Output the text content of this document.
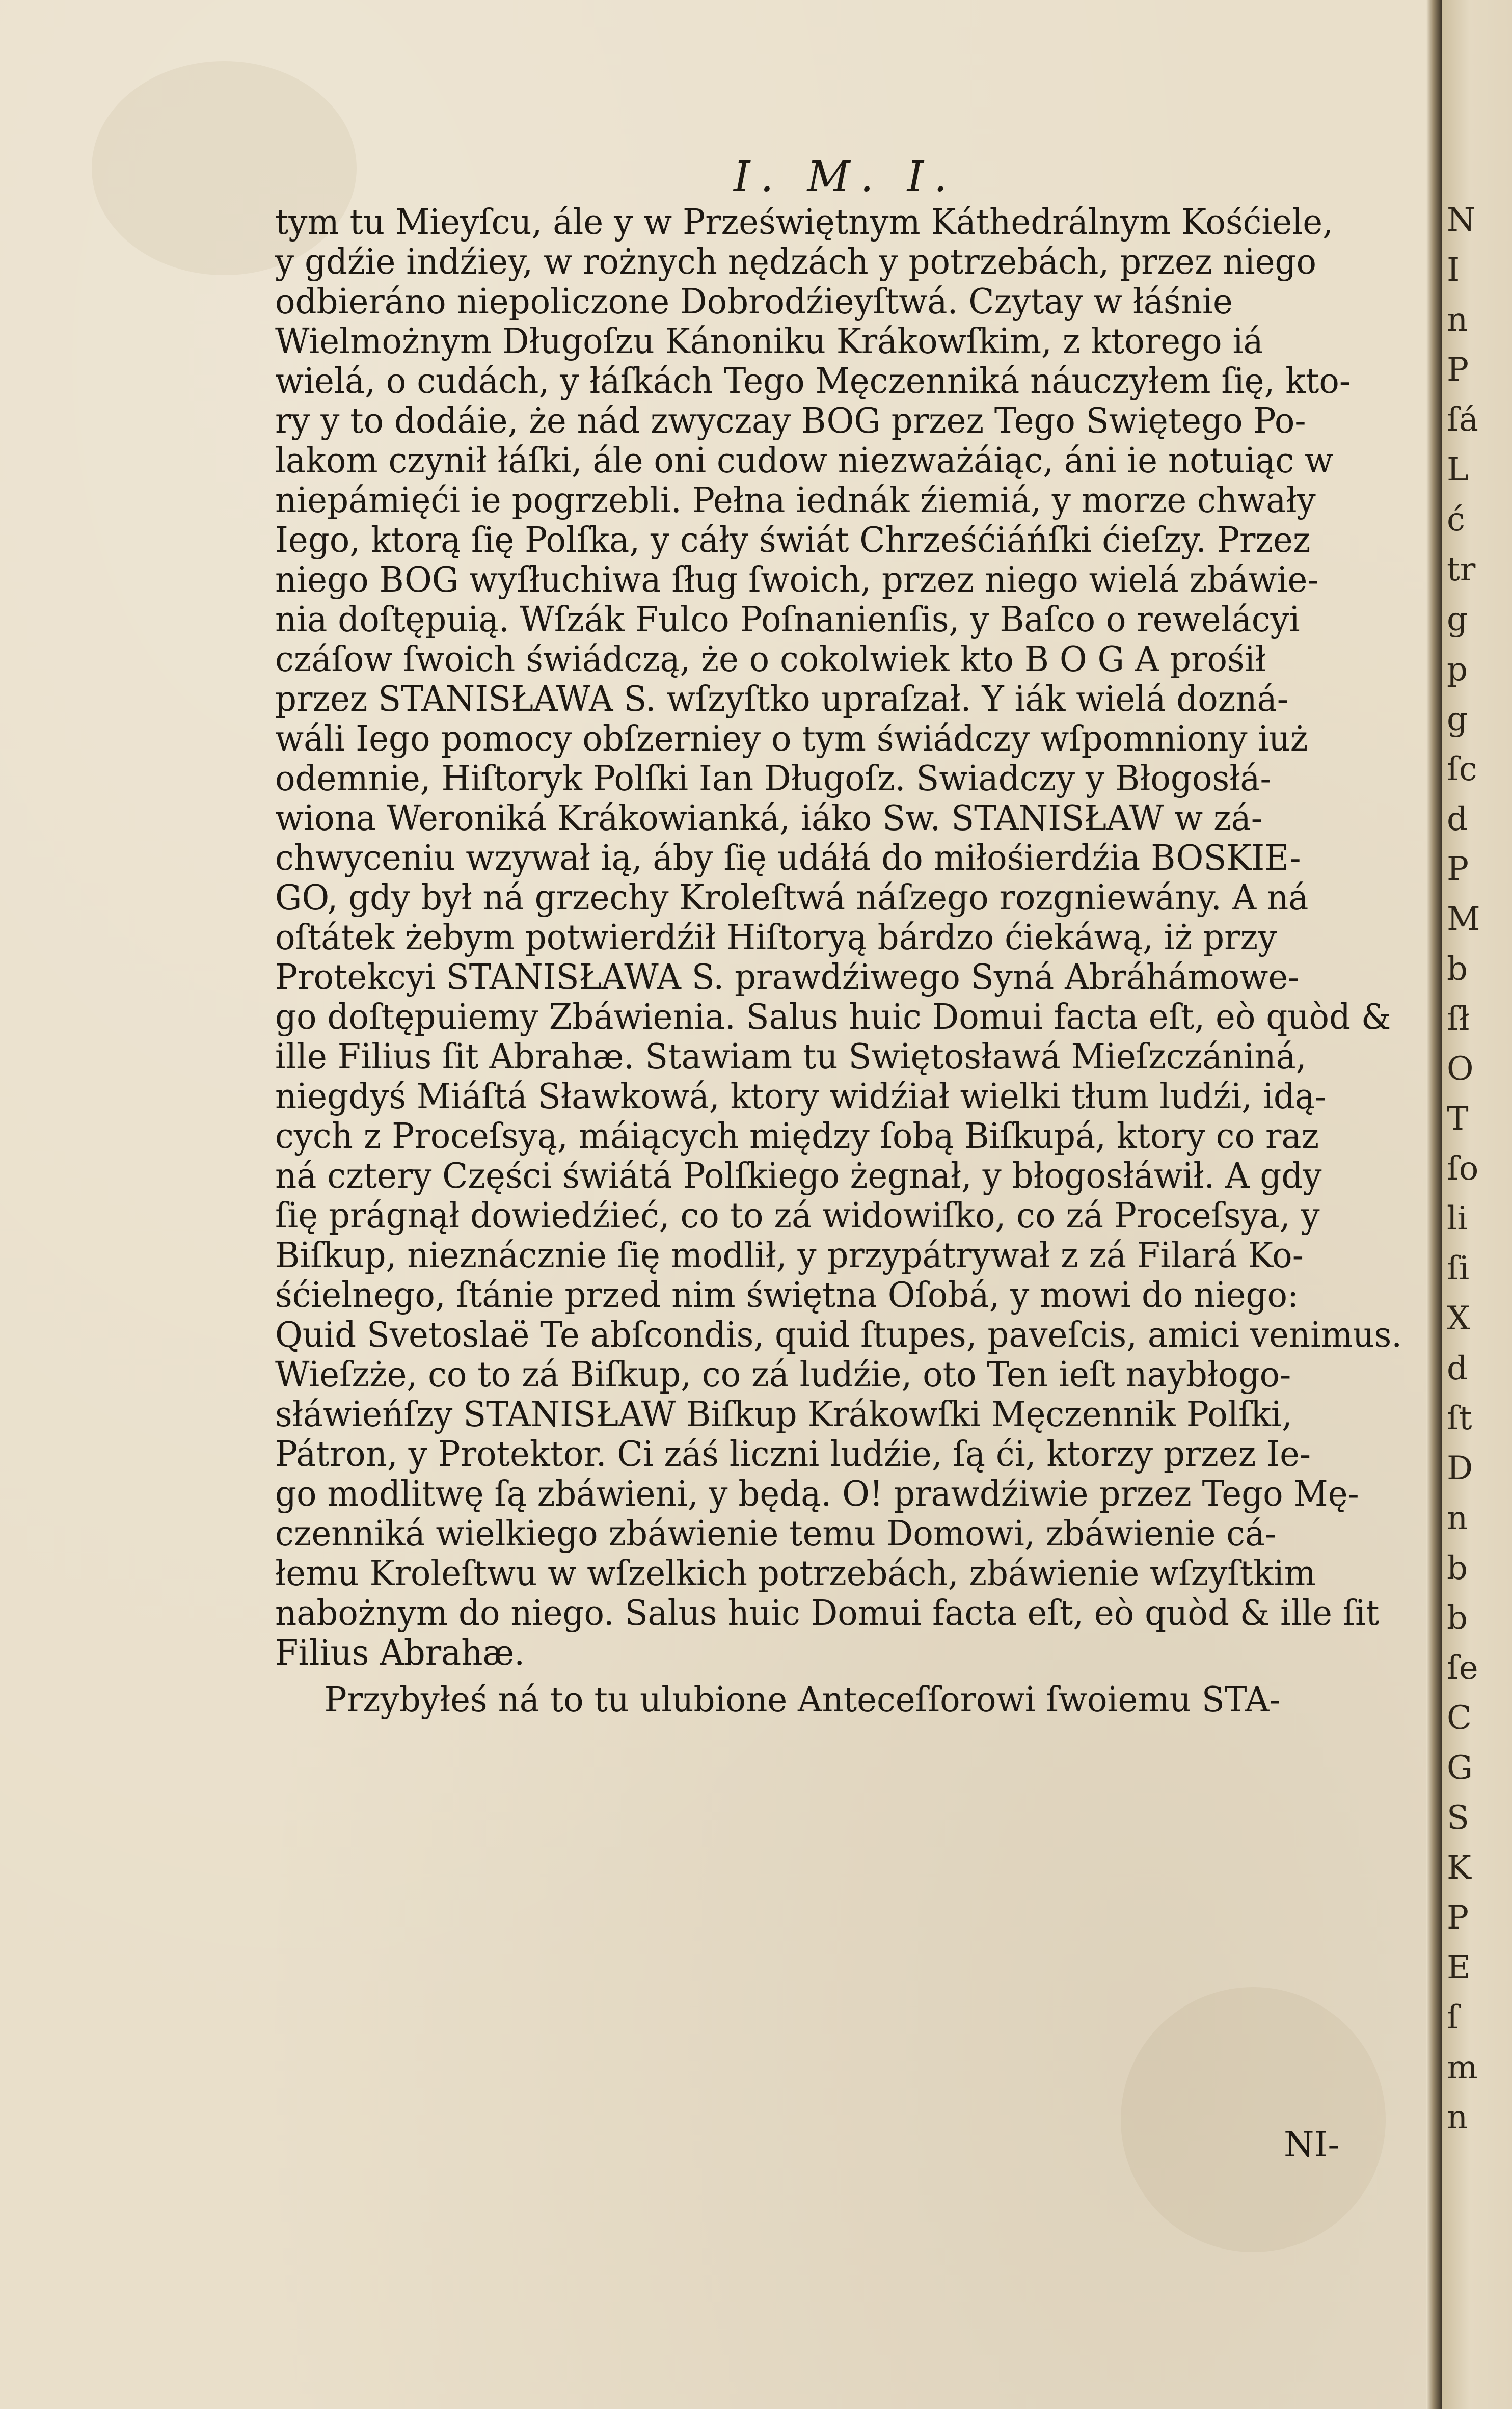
I. M. I.
tym tu Mieyſcu, ále y w Przeświętnym Káthedrálnym Kośćiele,
y gdźie indźiey, w rożnych nędzách y potrzebách, przez niego
odbieráno niepoliczone Dobrodźieyſtwá. Czytay w łáśnie
Wielmożnym Długoſzu Kánoniku Krákowſkim, z ktorego iá
wielá, o cudách, y łáſkách Tego Męczenniká náuczyłem ſię, kto-
ry y to dodáie, że nád zwyczay BOG przez Tego Swiętego Po-
lakom czynił łáſki, ále oni cudow niezważáiąc, áni ie notuiąc w
niepámięći ie pogrzebli. Pełna iednák źiemiá, y morze chwały
Iego, ktorą ſię Polſka, y cáły świát Chrześćiáńſki ćieſzy. Przez
niego BOG wyſłuchiwa ſług ſwoich, przez niego wielá zbáwie-
nia doſtępuią. Wſzák Fulco Poſnanienſis, y Baſco o rewelácyi
czáſow ſwoich świádczą, że o cokolwiek kto B O G A prośił
przez STANISŁAWA S. wſzyſtko uprаſzał. Y iák wielá dozná-
wáli Iego pomocy obſzerniey o tym świádczy wſpomniony iuż
odemnie, Hiſtoryk Polſki Ian Długoſz. Swiadczy y Błogosłá-
wiona Weroniká Krákowianká, iáko Sw. STANISŁAW w zá-
chwyceniu wzywał ią, áby ſię udáłá do miłośierdźia BOSKIE-
GO, gdy był ná grzechy Kroleſtwá náſzego rozgniewány. A ná
oſtátek żebym potwierdźił Hiſtoryą bárdzo ćiekáwą, iż przy
Protekcyi STANISŁAWA S. prawdźiwego Syná Abráhámowe-
go doſtępuiemy Zbáwienia. Salus huic Domui facta eſt, eò quòd &
ille Filius ſit Abrahæ. Stawiam tu Swiętosławá Mieſzczániná,
niegdyś Miáſtá Sławkowá, ktory widźiał wielki tłum ludźi, idą-
cych z Proceſsyą, máiących między ſobą Biſkupá, ktory co raz
ná cztery Części świátá Polſkiego żegnał, y błogosłáwił. A gdy
ſię prágnął dowiedźieć, co to zá widowiſko, co zá Proceſsya, y
Biſkup, nieznácznie ſię modlił, y przypátrywał z zá Filará Ko-
śćielnego, ſtánie przed nim świętna Oſobá, y mowi do niego:
Quid Svetoslaë Te abſcondis, quid ſtupes, paveſcis, amici venimus.
Wieſzże, co to zá Biſkup, co zá ludźie, oto Ten ieſt naybłogo-
słáwieńſzy STANISŁAW Biſkup Krákowſki Męczennik Polſki,
Pátron, y Protektor. Ci záś liczni ludźie, ſą ći, ktorzy przez Ie-
go modlitwę ſą zbáwieni, y będą. O! prawdźiwie przez Tego Mę-
czenniká wielkiego zbáwienie temu Domowi, zbáwienie cá-
łemu Kroleſtwu w wſzelkich potrzebách, zbáwienie wſzyſtkim
nabożnym do niego. Salus huic Domui facta eſt, eò quòd & ille ſit
Filius Abrahæ.
Przybyłeś ná to tu ulubione Anteceſſorowi ſwoiemu STA-
NI-
N
I
n
P
ſá
L
ć
tr
g
p
g
ſc
d
P
M
b
ſł
O
T
ſo
li
ſi
X
d
ſt
D
n
b
b
ſe
C
G
S
K
P
E
ſ
m
n
